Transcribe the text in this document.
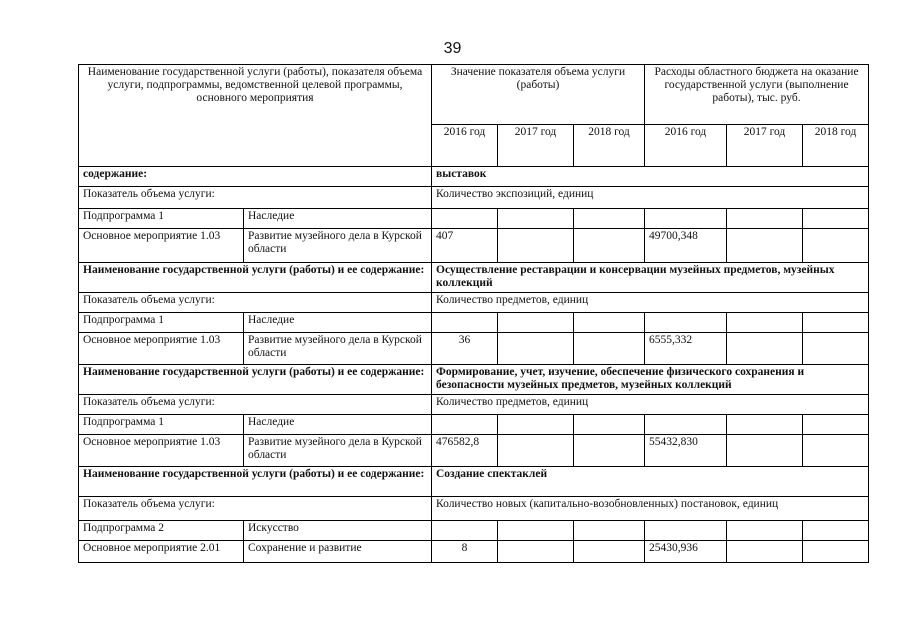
39
Наименование государственной услуги (работы), показателя объема услуги, подпрограммы, ведомственной целевой программы, основного мероприятия		Значение показателя объема услуги (работы)			Расходы областного бюджета на оказание государственной услуги (выполнение работы), тыс. руб.		
		2016 год	2017 год	2018 год	2016 год	2017 год	2018 год
содержание:		выставок					
Показатель объема услуги:		Количество экспозиций, единиц					
Подпрограмма 1	Наследие						
Основное мероприятие 1.03	Развитие музейного дела в Курской области	407			49700,348		
Наименование государственной услуги (работы) и ее содержание:		Осуществление реставрации и консервации музейных предметов, музейных коллекций					
Показатель объема услуги:		Количество предметов, единиц					
Подпрограмма 1	Наследие						
Основное мероприятие 1.03	Развитие музейного дела в Курской области	36			6555,332		
Наименование государственной услуги (работы) и ее содержание:		Формирование, учет, изучение, обеспечение физического сохранения и безопасности музейных предметов, музейных коллекций					
Показатель объема услуги:		Количество предметов, единиц					
Подпрограмма 1	Наследие						
Основное мероприятие 1.03	Развитие музейного дела в Курской области	476582,8			55432,830		
Наименование государственной услуги (работы) и ее содержание:		Создание спектаклей					
Показатель объема услуги:		Количество новых (капитально-возобновленных) постановок, единиц					
Подпрограмма 2	Искусство						
Основное мероприятие 2.01	Сохранение и развитие	8			25430,936		
